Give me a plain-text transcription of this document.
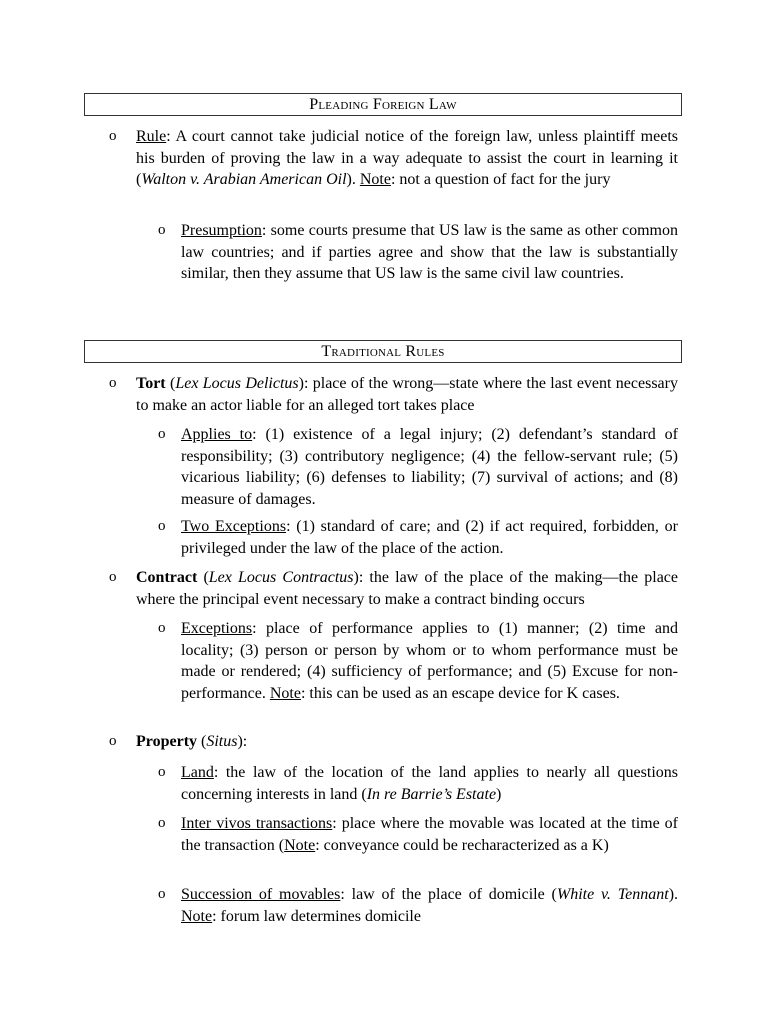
Pleading Foreign Law
o Rule: A court cannot take judicial notice of the foreign law, unless plaintiff meets his burden of proving the law in a way adequate to assist the court in learning it (Walton v. Arabian American Oil). Note: not a question of fact for the jury
o Presumption: some courts presume that US law is the same as other common law countries; and if parties agree and show that the law is substantially similar, then they assume that US law is the same civil law countries.
Traditional Rules
o Tort (Lex Locus Delictus): place of the wrong—state where the last event necessary to make an actor liable for an alleged tort takes place
o Applies to: (1) existence of a legal injury; (2) defendant’s standard of responsibility; (3) contributory negligence; (4) the fellow-servant rule; (5) vicarious liability; (6) defenses to liability; (7) survival of actions; and (8) measure of damages.
o Two Exceptions: (1) standard of care; and (2) if act required, forbidden, or privileged under the law of the place of the action.
o Contract (Lex Locus Contractus): the law of the place of the making—the place where the principal event necessary to make a contract binding occurs
o Exceptions: place of performance applies to (1) manner; (2) time and locality; (3) person or person by whom or to whom performance must be made or rendered; (4) sufficiency of performance; and (5) Excuse for non-performance. Note: this can be used as an escape device for K cases.
o Property (Situs):
o Land: the law of the location of the land applies to nearly all questions concerning interests in land (In re Barrie’s Estate)
o Inter vivos transactions: place where the movable was located at the time of the transaction (Note: conveyance could be recharacterized as a K)
o Succession of movables: law of the place of domicile (White v. Tennant). Note: forum law determines domicile
